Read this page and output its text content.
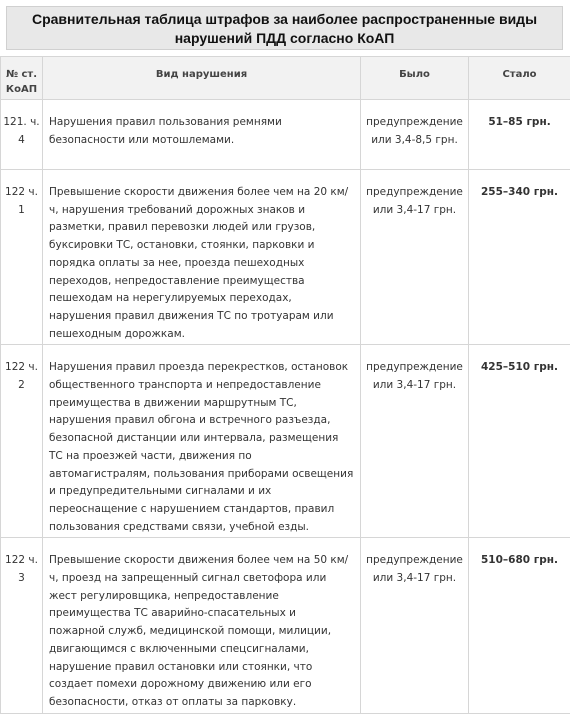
Сравнительная таблица штрафов за наиболее распространенные виды нарушений ПДД согласно КоАП
№ ст. КоАП	Вид нарушения	Было	Стало
121. ч. 4	Нарушения правил пользования ремнями безопасности или мотошлемами.	предупреждение или 3,4-8,5 грн.	51–85 грн.
122 ч. 1	Превышение скорости движения более чем на 20 км/ч, нарушения требований дорожных знаков и разметки, правил перевозки людей или грузов, буксировки ТС, остановки, стоянки, парковки и порядка оплаты за нее, проезда пешеходных переходов, непредоставление преимущества пешеходам на нерегулируемых переходах, нарушения правил движения ТС по тротуарам или пешеходным дорожкам.	предупреждение или 3,4-17 грн.	255–340 грн.
122 ч. 2	Нарушения правил проезда перекрестков, остановок общественного транспорта и непредоставление преимущества в движении маршрутным ТС, нарушения правил обгона и встречного разъезда, безопасной дистанции или интервала, размещения ТС на проезжей части, движения по автомагистралям, пользования приборами освещения и предупредительными сигналами и их переоснащение с нарушением стандартов, правил пользования средствами связи, учебной езды.	предупреждение или 3,4-17 грн.	425–510 грн.
122 ч. 3	Превышение скорости движения более чем на 50 км/ч, проезд на запрещенный сигнал светофора или жест регулировщика, непредоставление преимущества ТС аварийно-спасательных и пожарной служб, медицинской помощи, милиции, двигающимся с включенными спецсигналами, нарушение правил остановки или стоянки, что создает помехи дорожному движению или его безопасности, отказ от оплаты за парковку.	предупреждение или 3,4-17 грн.	510–680 грн.
